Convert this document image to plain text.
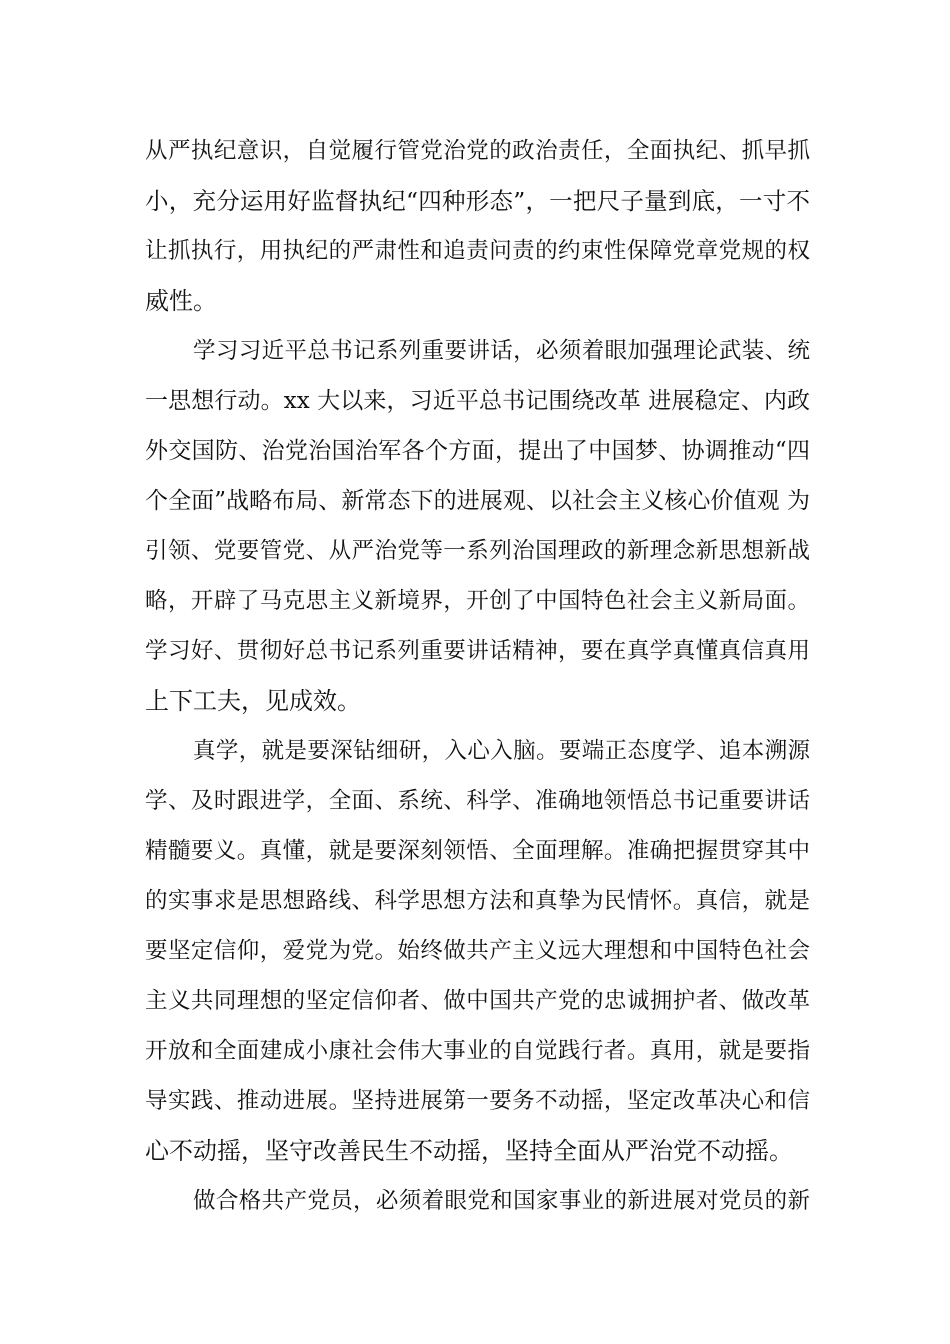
从严执纪意识，自觉履行管党治党的政治责任，全面执纪、抓早抓
小，充分运用好监督执纪“四种形态”，一把尺子量到底，一寸不
让抓执行，用执纪的严肃性和追责问责的约束性保障党章党规的权
威性。
学习习近平总书记系列重要讲话，必须着眼加强理论武装、统
一思想行动。xx 大以来，习近平总书记围绕改革 进展稳定、内政
外交国防、治党治国治军各个方面，提出了中国梦、协调推动“四
个全面”战略布局、新常态下的进展观、以社会主义核心价值观 为
引领、党要管党、从严治党等一系列治国理政的新理念新思想新战
略，开辟了马克思主义新境界，开创了中国特色社会主义新局面。
学习好、贯彻好总书记系列重要讲话精神，要在真学真懂真信真用
上下工夫，见成效。
真学，就是要深钻细研，入心入脑。要端正态度学、追本溯源
学、及时跟进学，全面、系统、科学、准确地领悟总书记重要讲话
精髓要义。真懂，就是要深刻领悟、全面理解。准确把握贯穿其中
的实事求是思想路线、科学思想方法和真挚为民情怀。真信，就是
要坚定信仰，爱党为党。始终做共产主义远大理想和中国特色社会
主义共同理想的坚定信仰者、做中国共产党的忠诚拥护者、做改革
开放和全面建成小康社会伟大事业的自觉践行者。真用，就是要指
导实践、推动进展。坚持进展第一要务不动摇，坚定改革决心和信
心不动摇，坚守改善民生不动摇，坚持全面从严治党不动摇。
做合格共产党员，必须着眼党和国家事业的新进展对党员的新
